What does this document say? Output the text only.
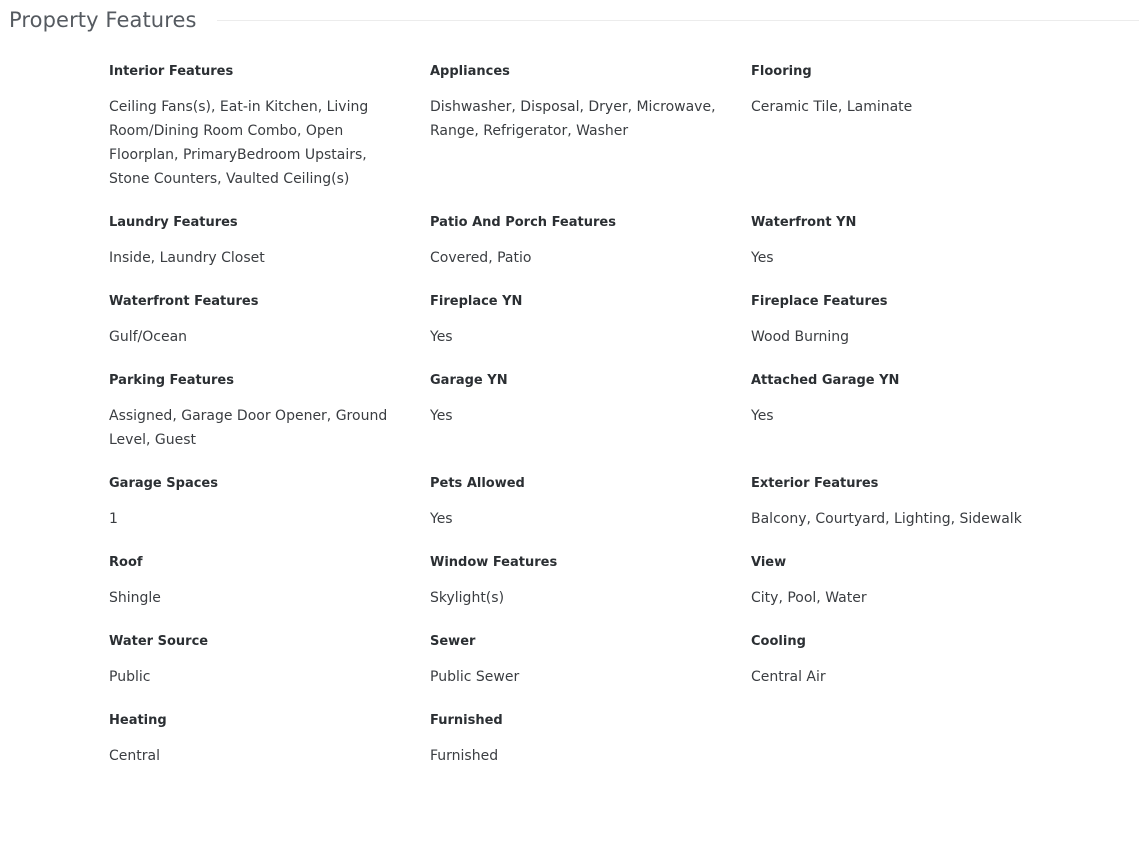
Property Features
Interior Features
Ceiling Fans(s), Eat-in Kitchen, Living Room/Dining Room Combo, Open Floorplan, PrimaryBedroom Upstairs, Stone Counters, Vaulted Ceiling(s)
Appliances
Dishwasher, Disposal, Dryer, Microwave, Range, Refrigerator, Washer
Flooring
Ceramic Tile, Laminate
Laundry Features
Inside, Laundry Closet
Patio And Porch Features
Covered, Patio
Waterfront YN
Yes
Waterfront Features
Gulf/Ocean
Fireplace YN
Yes
Fireplace Features
Wood Burning
Parking Features
Assigned, Garage Door Opener, Ground Level, Guest
Garage YN
Yes
Attached Garage YN
Yes
Garage Spaces
1
Pets Allowed
Yes
Exterior Features
Balcony, Courtyard, Lighting, Sidewalk
Roof
Shingle
Window Features
Skylight(s)
View
City, Pool, Water
Water Source
Public
Sewer
Public Sewer
Cooling
Central Air
Heating
Central
Furnished
Furnished
